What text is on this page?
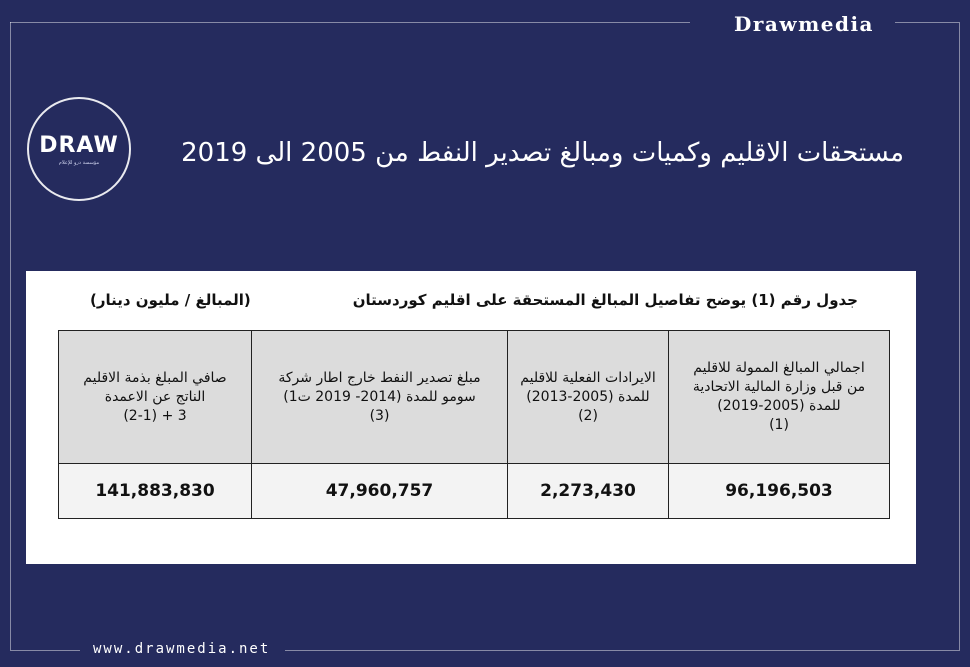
Drawmedia
DRAW
مؤسسة درو للإعلام	مستحقات الاقليم وكميات ومبالغ تصدير النفط من 2005 الى 2019
جدول رقم (1) يوضح تفاصيل المبالغ المستحقة على اقليم كوردستان
(المبالغ / مليون دينار)
اجمالي المبالغ الممولة للاقليم
من قبل وزارة المالية الاتحادية
للمدة (2005-2019)
(1)	الايرادات الفعلية للاقليم
للمدة (2005-2013)
(2)	مبلغ تصدير النفط خارج اطار شركة
سومو للمدة (2014- 2019 ت1)
(3)	صافي المبلغ بذمة الاقليم
الناتج عن الاعمدة
3 + (2-1)

96,196,503	2,273,430	47,960,757	141,883,830
www.drawmedia.net
